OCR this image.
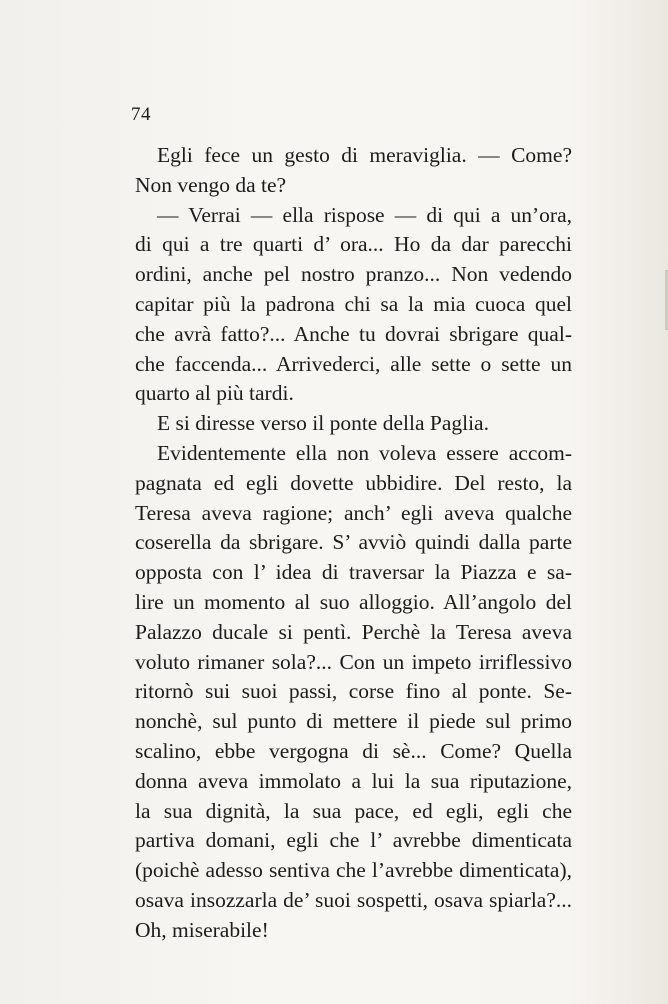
74
Egli fece un gesto di meraviglia. — Come?
Non vengo da te?
— Verrai — ella rispose — di qui a un’ora,
di qui a tre quarti d’ ora... Ho da dar parecchi
ordini, anche pel nostro pranzo... Non vedendo
capitar più la padrona chi sa la mia cuoca quel
che avrà fatto?... Anche tu dovrai sbrigare qual-
che faccenda... Arrivederci, alle sette o sette un
quarto al più tardi.
E si diresse verso il ponte della Paglia.
Evidentemente ella non voleva essere accom-
pagnata ed egli dovette ubbidire. Del resto, la
Teresa aveva ragione; anch’ egli aveva qualche
coserella da sbrigare. S’ avviò quindi dalla parte
opposta con l’ idea di traversar la Piazza e sa-
lire un momento al suo alloggio. All’angolo del
Palazzo ducale si pentì. Perchè la Teresa aveva
voluto rimaner sola?... Con un impeto irriflessivo
ritornò sui suoi passi, corse fino al ponte. Se-
nonchè, sul punto di mettere il piede sul primo
scalino, ebbe vergogna di sè... Come? Quella
donna aveva immolato a lui la sua riputazione,
la sua dignità, la sua pace, ed egli, egli che
partiva domani, egli che l’ avrebbe dimenticata
(poichè adesso sentiva che l’avrebbe dimenticata),
osava insozzarla de’ suoi sospetti, osava spiarla?...
Oh, miserabile!
